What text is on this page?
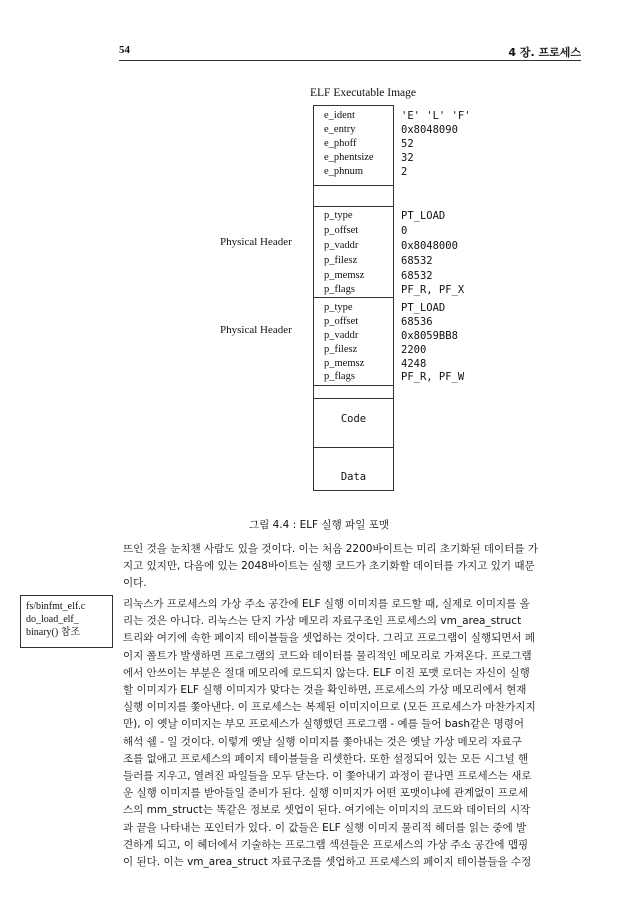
54	4 장. 프로세스
ELF Executable Image
e_ident	'E' 'L' 'F'
e_entry	0x8048090
e_phoff	52
e_phentsize	32
e_phnum	2
Physical Header
p_type	PT_LOAD
p_offset	0
p_vaddr	0x8048000
p_filesz	68532
p_memsz	68532
p_flags	PF_R, PF_X
Physical Header
p_type	PT_LOAD
p_offset	68536
p_vaddr	0x8059BB8
p_filesz	2200
p_memsz	4248
p_flags	PF_R, PF_W
Code
Data
그림 4.4 : ELF 실행 파일 포맷
뜨인 것을 눈치챈 사람도 있을 것이다. 이는 처음 2200바이트는 미리 초기화된 데이터를 가
지고 있지만, 다음에 있는 2048바이트는 실행 코드가 초기화할 데이터를 가지고 있기 때문
이다.
fs/binfmt_elf.c
do_load_elf_
binary() 참조
리눅스가 프로세스의 가상 주소 공간에 ELF 실행 이미지를 로드할 때, 실제로 이미지를 올
리는 것은 아니다. 리눅스는 단지 가상 메모리 자료구조인 프로세스의 vm_area_struct
트리와 여기에 속한 페이지 테이블들을 셋업하는 것이다. 그리고 프로그램이 실행되면서 페
이지 폴트가 발생하면 프로그램의 코드와 데이터를 물리적인 메모리로 가져온다. 프로그램
에서 안쓰이는 부분은 절대 메모리에 로드되지 않는다. ELF 이진 포맷 로더는 자신이 실행
할 이미지가 ELF 실행 이미지가 맞다는 것을 확인하면, 프로세스의 가상 메모리에서 현재
실행 이미지를 쫓아낸다. 이 프로세스는 복제된 이미지이므로 (모든 프로세스가 마찬가지지
만), 이 옛날 이미지는 부모 프로세스가 실행했던 프로그램 - 예를 들어 bash같은 명령어
해석 쉘 - 일 것이다. 이렇게 옛날 실행 이미지를 쫓아내는 것은 옛날 가상 메모리 자료구
조를 없애고 프로세스의 페이지 테이블들을 리셋한다. 또한 설정되어 있는 모든 시그널 핸
들러를 지우고, 열려진 파일들을 모두 닫는다. 이 쫓아내기 과정이 끝나면 프로세스는 새로
운 실행 이미지를 받아들일 준비가 된다. 실행 이미지가 어떤 포맷이냐에 관계없이 프로세
스의 mm_struct는 똑같은 정보로 셋업이 된다. 여기에는 이미지의 코드와 데이터의 시작
과 끝을 나타내는 포인터가 있다. 이 값들은 ELF 실행 이미지 물리적 헤더를 읽는 중에 발
견하게 되고, 이 헤더에서 기술하는 프로그램 섹션들은 프로세스의 가상 주소 공간에 맵핑
이 된다. 이는 vm_area_struct 자료구조를 셋업하고 프로세스의 페이지 테이블들을 수정
